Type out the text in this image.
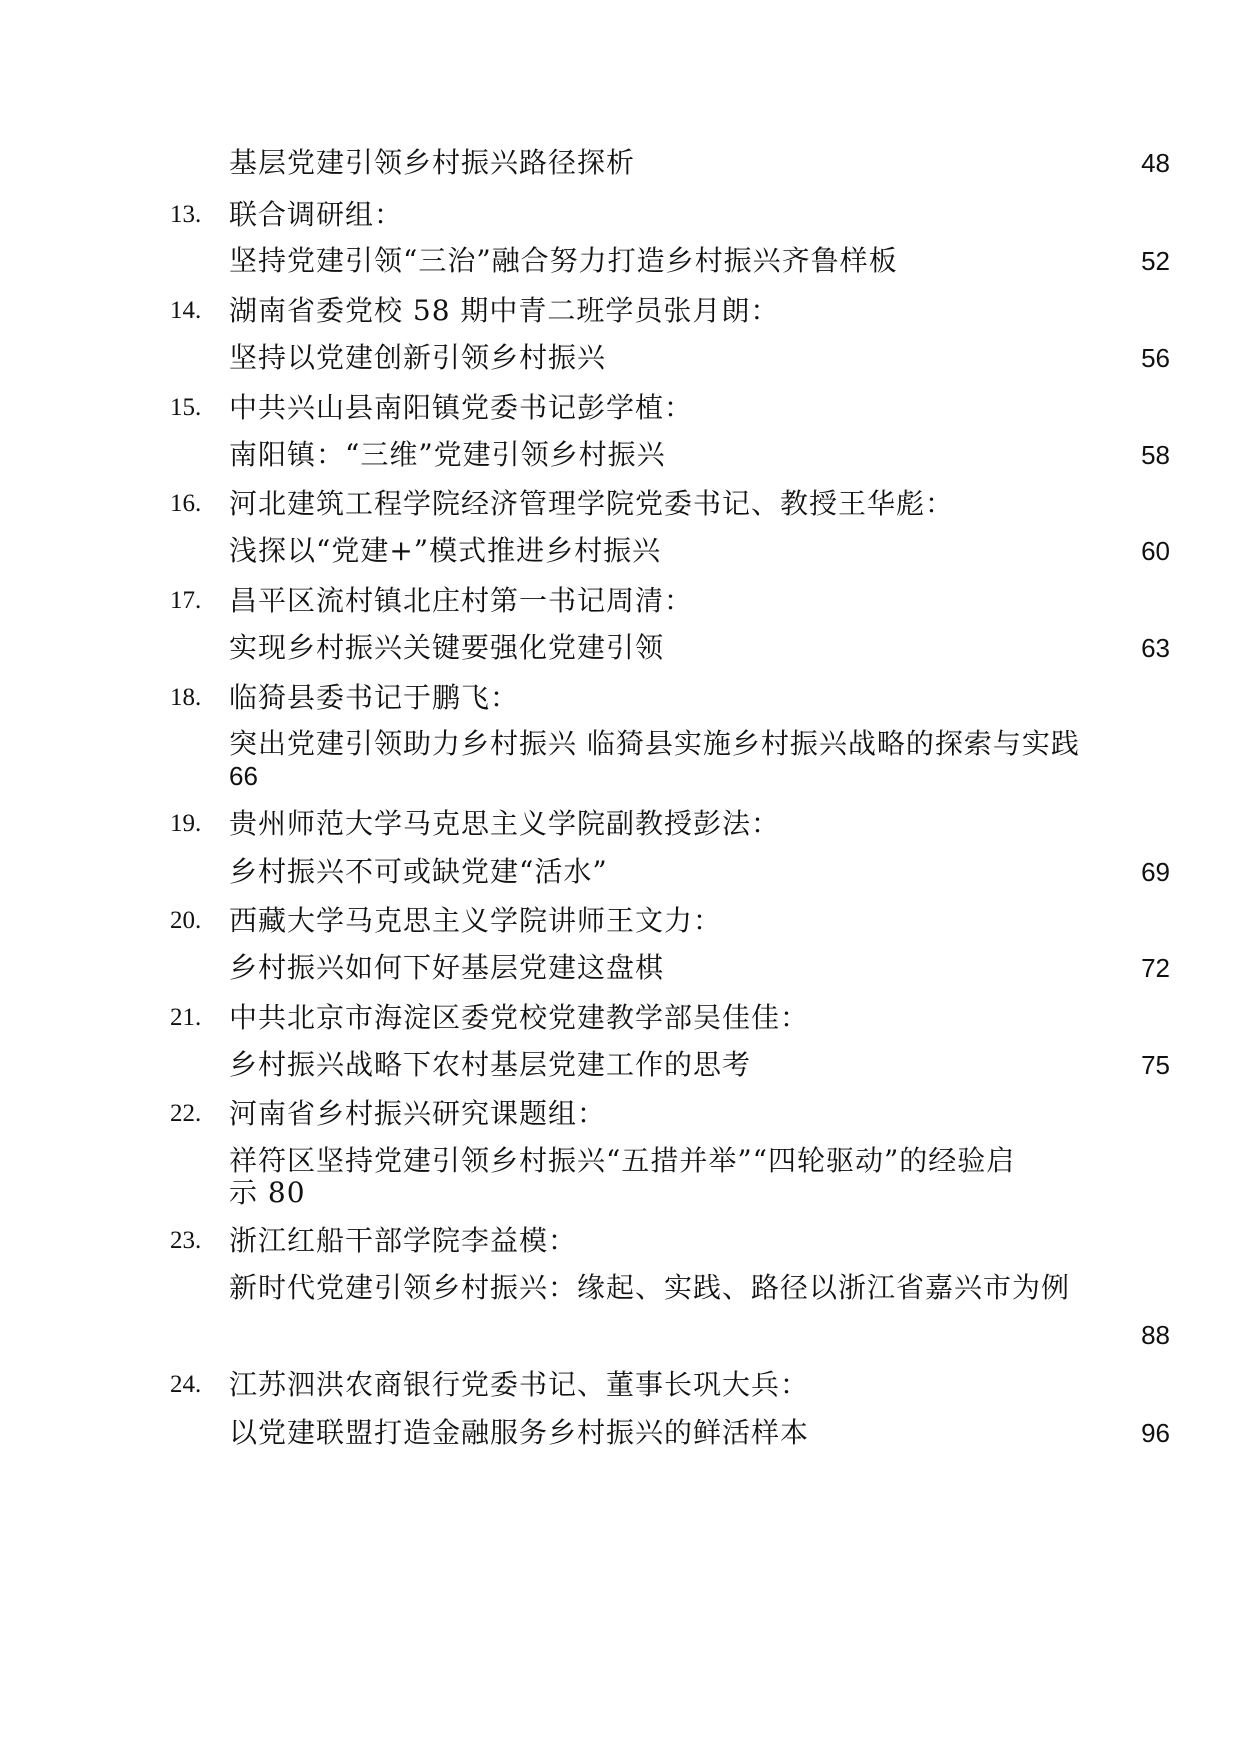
基层党建引领乡村振兴路径探析	48
13. 联合调研组：
坚持党建引领“三治”融合努力打造乡村振兴齐鲁样板	52
14. 湖南省委党校 58 期中青二班学员张月朗：
坚持以党建创新引领乡村振兴	56
15. 中共兴山县南阳镇党委书记彭学植：
南阳镇：“三维”党建引领乡村振兴	58
16. 河北建筑工程学院经济管理学院党委书记、教授王华彪：
浅探以“党建+”模式推进乡村振兴	60
17. 昌平区流村镇北庄村第一书记周清：
实现乡村振兴关键要强化党建引领	63
18. 临猗县委书记于鹏飞：
突出党建引领助力乡村振兴 临猗县实施乡村振兴战略的探索与实践
66
19. 贵州师范大学马克思主义学院副教授彭法：
乡村振兴不可或缺党建“活水”	69
20. 西藏大学马克思主义学院讲师王文力：
乡村振兴如何下好基层党建这盘棋	72
21. 中共北京市海淀区委党校党建教学部吴佳佳：
乡村振兴战略下农村基层党建工作的思考	75
22. 河南省乡村振兴研究课题组：
祥符区坚持党建引领乡村振兴“五措并举”“四轮驱动”的经验启
示 80
23. 浙江红船干部学院李益模：
新时代党建引领乡村振兴：缘起、实践、路径以浙江省嘉兴市为例
88
24. 江苏泗洪农商银行党委书记、董事长巩大兵：
以党建联盟打造金融服务乡村振兴的鲜活样本	96
